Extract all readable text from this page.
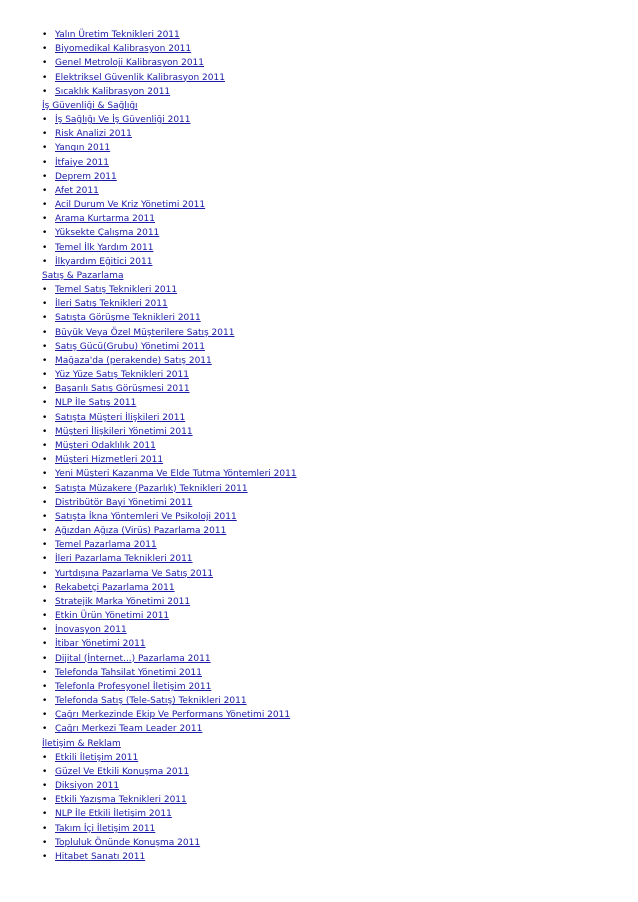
• Yalın Üretim Teknikleri 2011
• Biyomedikal Kalibrasyon 2011
• Genel Metroloji Kalibrasyon 2011
• Elektriksel Güvenlik Kalibrasyon 2011
• Sıcaklık Kalibrasyon 2011
İş Güvenliği & Sağlığı
• İş Sağlığı Ve İş Güvenliği 2011
• Risk Analizi 2011
• Yangın 2011
• İtfaiye 2011
• Deprem 2011
• Afet 2011
• Acil Durum Ve Kriz Yönetimi 2011
• Arama Kurtarma 2011
• Yüksekte Çalışma 2011
• Temel İlk Yardım 2011
• İlkyardım Eğitici 2011
Satış & Pazarlama
• Temel Satış Teknikleri 2011
• İleri Satış Teknikleri 2011
• Satışta Görüşme Teknikleri 2011
• Büyük Veya Özel Müşterilere Satış 2011
• Satış Gücü(Grubu) Yönetimi 2011
• Mağaza'da (perakende) Satış 2011
• Yüz Yüze Satış Teknikleri 2011
• Başarılı Satış Görüşmesi 2011
• NLP İle Satış 2011
• Satışta Müşteri İlişkileri 2011
• Müşteri İlişkileri Yönetimi 2011
• Müşteri Odaklılık 2011
• Müşteri Hizmetleri 2011
• Yeni Müşteri Kazanma Ve Elde Tutma Yöntemleri 2011
• Satışta Müzakere (Pazarlık) Teknikleri 2011
• Distribütör Bayi Yönetimi 2011
• Satışta İkna Yöntemleri Ve Psikoloji 2011
• Ağızdan Ağıza (Virüs) Pazarlama 2011
• Temel Pazarlama 2011
• İleri Pazarlama Teknikleri 2011
• Yurtdışına Pazarlama Ve Satış 2011
• Rekabetçi Pazarlama 2011
• Stratejik Marka Yönetimi 2011
• Etkin Ürün Yönetimi 2011
• İnovasyon 2011
• İtibar Yönetimi 2011
• Dijital (İnternet...) Pazarlama 2011
• Telefonda Tahsilat Yönetimi 2011
• Telefonla Profesyonel İletişim 2011
• Telefonda Satış (Tele-Satış) Teknikleri 2011
• Çağrı Merkezinde Ekip Ve Performans Yönetimi 2011
• Çağrı Merkezi Team Leader 2011
İletişim & Reklam
• Etkili İletişim 2011
• Güzel Ve Etkili Konuşma 2011
• Diksiyon 2011
• Etkili Yazışma Teknikleri 2011
• NLP İle Etkili İletişim 2011
• Takım İçi İletişim 2011
• Topluluk Önünde Konuşma 2011
• Hitabet Sanatı 2011
